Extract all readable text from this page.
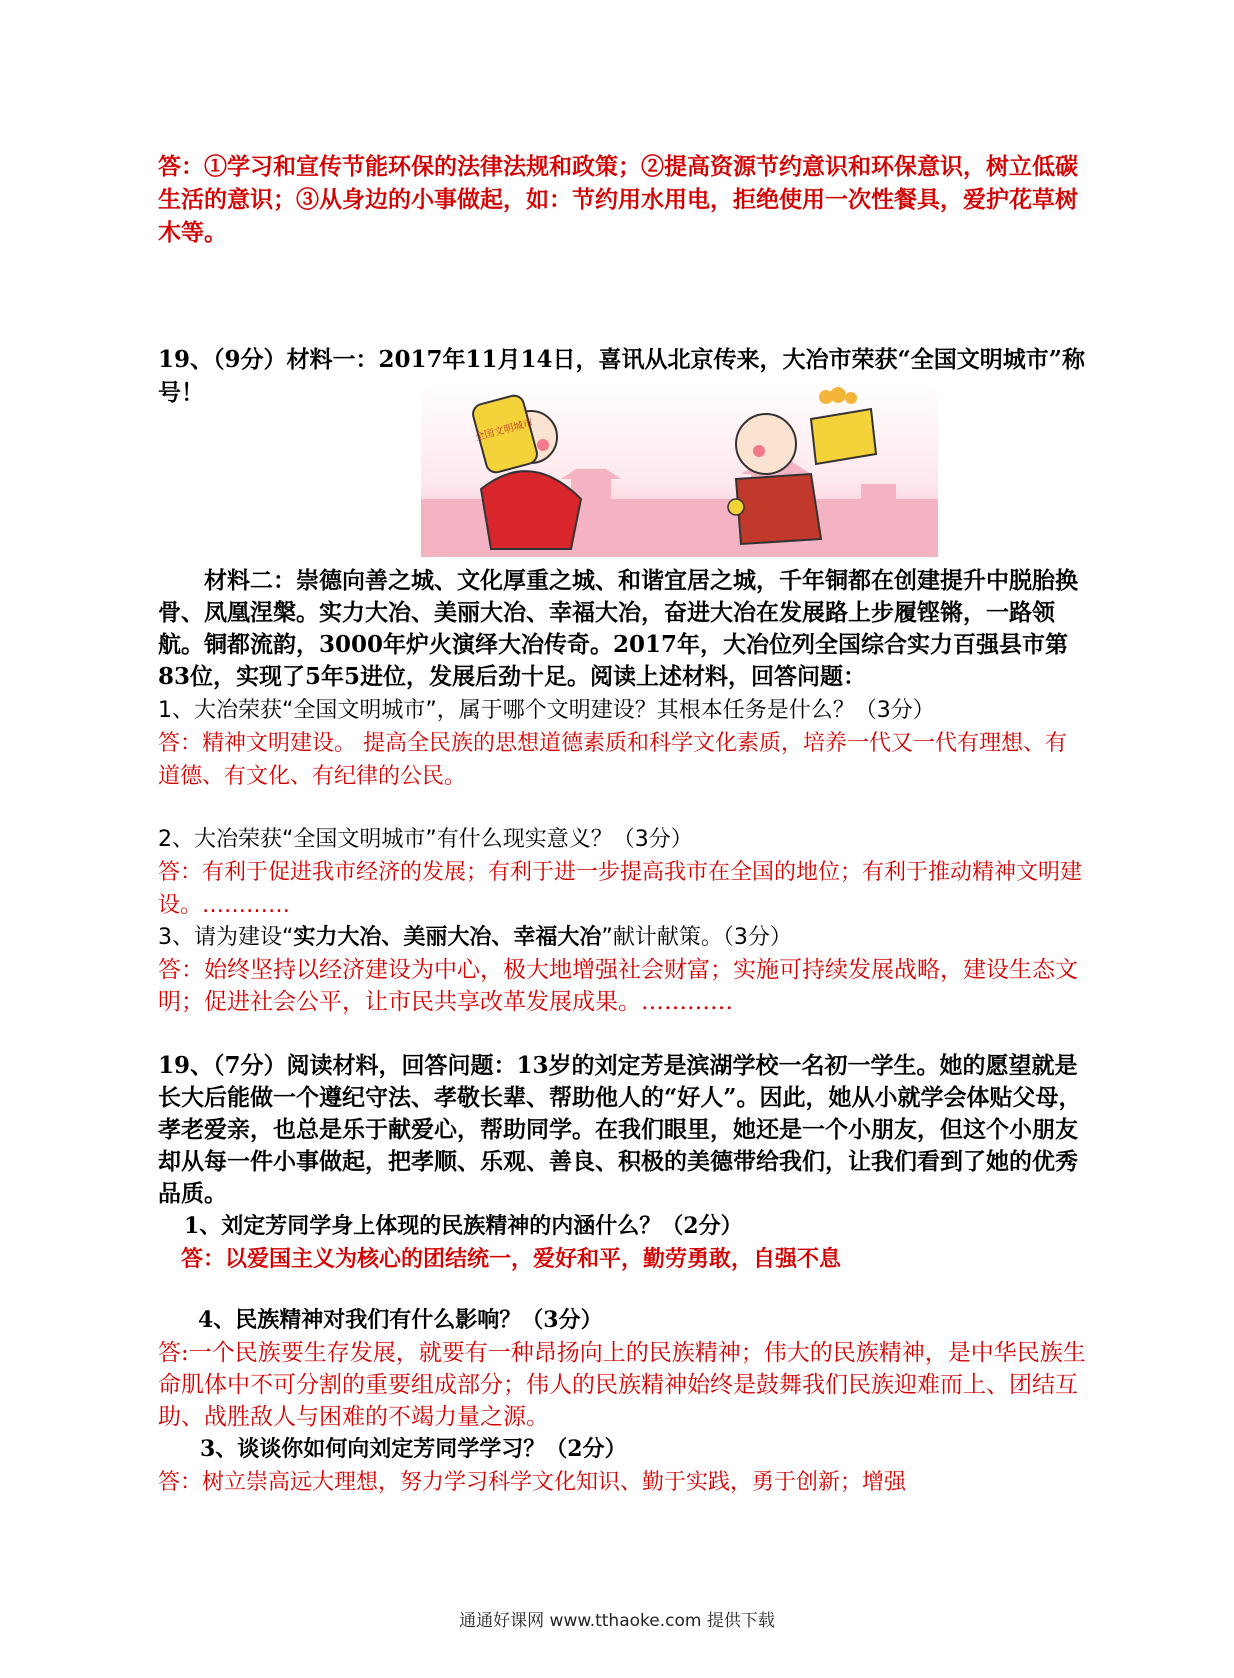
答：①学习和宣传节能环保的法律法规和政策；②提高资源节约意识和环保意识，树立低碳生活的意识；③从身边的小事做起，如：节约用水用电，拒绝使用一次性餐具，爱护花草树木等。

19、（9分）材料一：2017年11月14日，喜讯从北京传来，大冶市荣获“全国文明城市”称号！

全国文明城市

材料二：崇德向善之城、文化厚重之城、和谐宜居之城，千年铜都在创建提升中脱胎换骨、凤凰涅槃。实力大冶、美丽大冶、幸福大冶，奋进大冶在发展路上步履铿锵，一路领航。铜都流韵，3000年炉火演绎大冶传奇。2017年，大冶位列全国综合实力百强县市第83位，实现了5年5进位，发展后劲十足。阅读上述材料，回答问题：

1、大冶荣获“全国文明城市”，属于哪个文明建设？其根本任务是什么？（3分）

答：精神文明建设。 提高全民族的思想道德素质和科学文化素质，培养一代又一代有理想、有道德、有文化、有纪律的公民。

2、大冶荣获“全国文明城市”有什么现实意义？（3分）

答：有利于促进我市经济的发展；有利于进一步提高我市在全国的地位；有利于推动精神文明建设。…………

3、请为建设“实力大冶、美丽大冶、幸福大冶”献计献策。（3分）

答：始终坚持以经济建设为中心，极大地增强社会财富；实施可持续发展战略，建设生态文明；促进社会公平，让市民共享改革发展成果。…………

19、（7分）阅读材料，回答问题：13岁的刘定芳是滨湖学校一名初一学生。她的愿望就是长大后能做一个遵纪守法、孝敬长辈、帮助他人的“好人”。因此，她从小就学会体贴父母，孝老爱亲，也总是乐于献爱心，帮助同学。在我们眼里，她还是一个小朋友，但这个小朋友却从每一件小事做起，把孝顺、乐观、善良、积极的美德带给我们，让我们看到了她的优秀品质。

1、刘定芳同学身上体现的民族精神的内涵什么？（2分）

答：以爱国主义为核心的团结统一，爱好和平，勤劳勇敢，自强不息

4、民族精神对我们有什么影响？（3分）

答:一个民族要生存发展，就要有一种昂扬向上的民族精神；伟大的民族精神，是中华民族生命肌体中不可分割的重要组成部分；伟人的民族精神始终是鼓舞我们民族迎难而上、团结互助、战胜敌人与困难的不竭力量之源。

3、谈谈你如何向刘定芳同学学习？（2分）

答：树立崇高远大理想，努力学习科学文化知识、勤于实践，勇于创新；增强

通通好课网 www.tthaoke.com 提供下载
